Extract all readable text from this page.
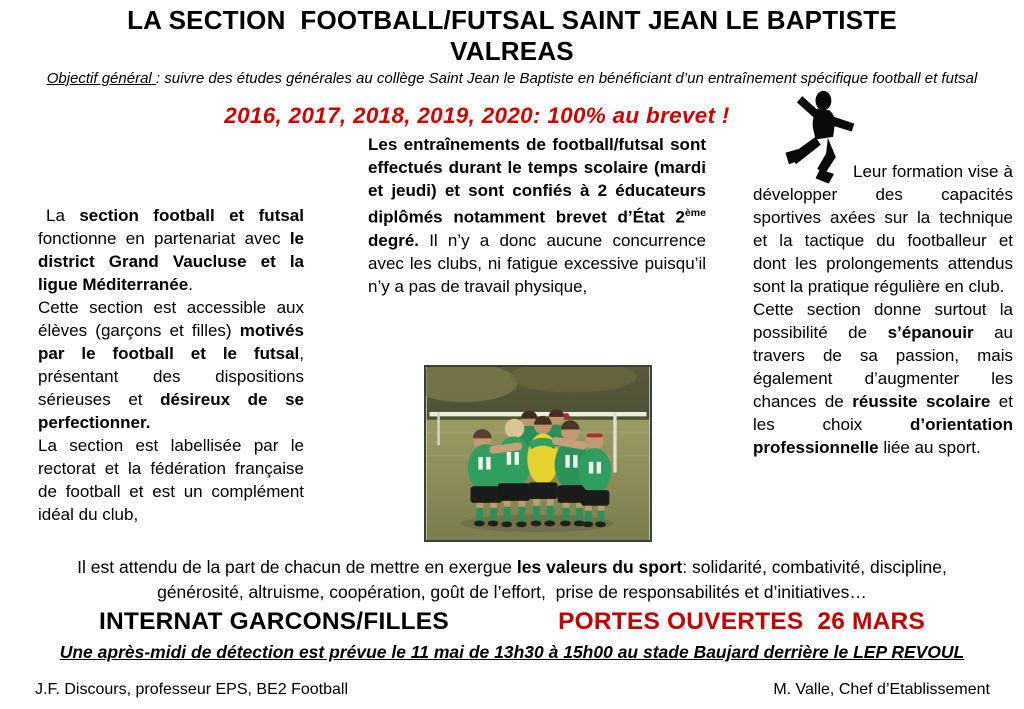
LA SECTION  FOOTBALL/FUTSAL SAINT JEAN LE BAPTISTE
VALREAS

Objectif général : suivre des études générales au collège Saint Jean le Baptiste en bénéficiant d’un entraînement spécifique football et futsal

2016, 2017, 2018, 2019, 2020: 100% au brevet !

La section football et futsal fonctionne en partenariat avec le district Grand Vaucluse et la ligue Méditerranée.

Cette section est accessible aux élèves (garçons et filles) motivés par le football et le futsal, présentant des dispositions sérieuses et désireux de se perfectionner.

La section est labellisée par le rectorat et la fédération française de football et est un complément idéal du club,

Les entraînements de football/futsal sont effectués durant le temps scolaire (mardi et jeudi) et sont confiés à 2 éducateurs diplômés notamment brevet d’État 2ème degré. Il n’y a donc aucune concurrence avec les clubs, ni fatigue excessive puisqu’il n’y a pas de travail physique,

Leur formation vise à développer des capacités sportives axées sur la technique et la tactique du footballeur et dont les prolongements attendus sont la pratique régulière en club.

Cette section donne surtout la possibilité de s’épanouir au travers de sa passion, mais également d’augmenter les chances de réussite scolaire et les choix d’orientation professionnelle liée au sport.

Il est attendu de la part de chacun de mettre en exergue les valeurs du sport: solidarité, combativité, discipline, générosité, altruisme, coopération, goût de l’effort,  prise de responsabilités et d’initiatives…

INTERNAT GARCONS/FILLES	PORTES OUVERTES  26 MARS
Une après-midi de détection est prévue le 11 mai de 13h30 à 15h00 au stade Baujard derrière le LEP REVOUL
J.F. Discours, professeur EPS, BE2 Football	M. Valle, Chef d’Etablissement
